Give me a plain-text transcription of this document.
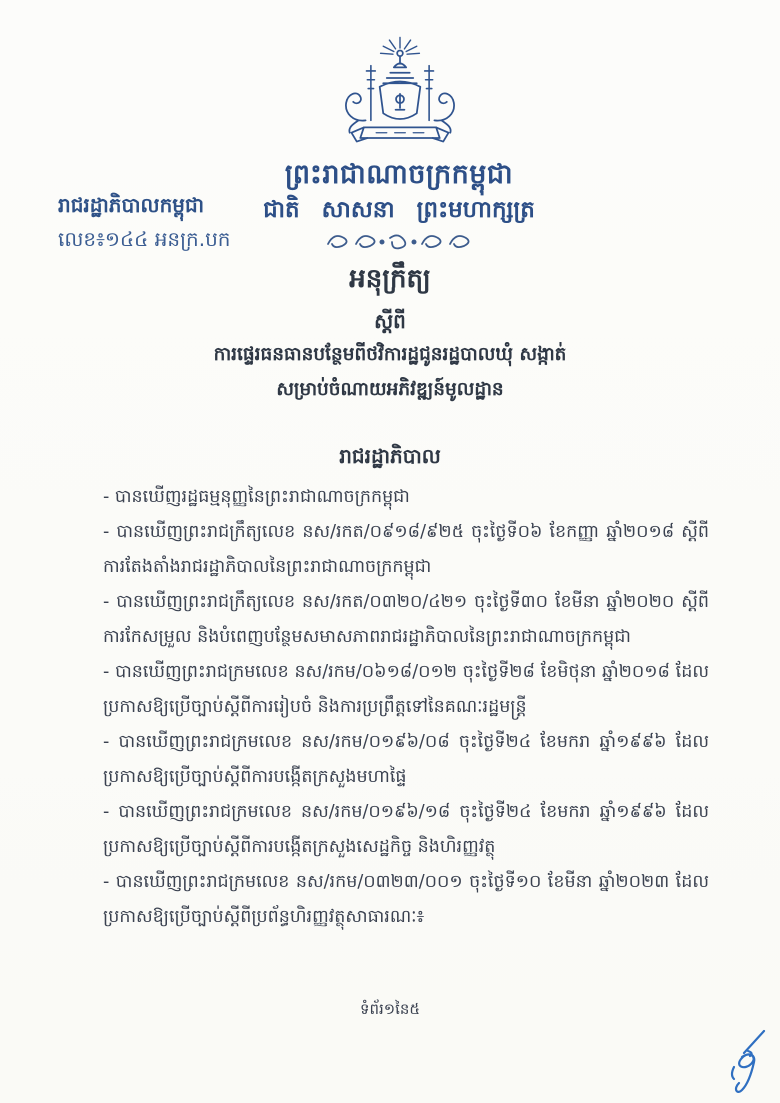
ព្រះរាជាណាចក្រកម្ពុជា
ជាតិ សាសនា ព្រះមហាក្សត្រ
រាជរដ្ឋាភិបាលកម្ពុជា
លេខ៖១៤៤ អនក្រ.បក
អនុក្រឹត្យ
ស្តីពី
ការផ្ទេរធនធានបន្ថែមពីថវិការដ្ឋជូនរដ្ឋបាលឃុំ សង្កាត់
សម្រាប់ចំណាយអភិវឌ្ឍន៍មូលដ្ឋាន
រាជរដ្ឋាភិបាល

- បានឃើញរដ្ឋធម្មនុញ្ញនៃព្រះរាជាណាចក្រកម្ពុជា

- បានឃើញព្រះរាជក្រឹត្យលេខ នស/រកត/០៩១៨/៩២៥ ចុះថ្ងៃទី០៦ ខែកញ្ញា ឆ្នាំ២០១៨ ស្តីពីការតែងតាំងរាជរដ្ឋាភិបាលនៃព្រះរាជាណាចក្រកម្ពុជា

- បានឃើញព្រះរាជក្រឹត្យលេខ នស/រកត/០៣២០/៤២១ ចុះថ្ងៃទី៣០ ខែមីនា ឆ្នាំ២០២០ ស្តីពីការកែសម្រួល និងបំពេញបន្ថែមសមាសភាពរាជរដ្ឋាភិបាលនៃព្រះរាជាណាចក្រកម្ពុជា

- បានឃើញព្រះរាជក្រមលេខ នស/រកម/០៦១៨/០១២ ចុះថ្ងៃទី២៨ ខែមិថុនា ឆ្នាំ២០១៨ ដែលប្រកាសឱ្យប្រើច្បាប់ស្តីពីការរៀបចំ និងការប្រព្រឹត្តទៅនៃគណៈរដ្ឋមន្ត្រី

- បានឃើញព្រះរាជក្រមលេខ នស/រកម/០១៩៦/០៨ ចុះថ្ងៃទី២៤ ខែមករា ឆ្នាំ១៩៩៦ ដែលប្រកាសឱ្យប្រើច្បាប់ស្តីពីការបង្កើតក្រសួងមហាផ្ទៃ

- បានឃើញព្រះរាជក្រមលេខ នស/រកម/០១៩៦/១៨ ចុះថ្ងៃទី២៤ ខែមករា ឆ្នាំ១៩៩៦ ដែលប្រកាសឱ្យប្រើច្បាប់ស្តីពីការបង្កើតក្រសួងសេដ្ឋកិច្ច និងហិរញ្ញវត្ថុ

- បានឃើញព្រះរាជក្រមលេខ នស/រកម/០៣២៣/០០១ ចុះថ្ងៃទី១០ ខែមីនា ឆ្នាំ២០២៣ ដែលប្រកាសឱ្យប្រើច្បាប់ស្តីពីប្រព័ន្ធហិរញ្ញវត្ថុសាធារណៈ៖

ទំព័រ១នៃ៥
